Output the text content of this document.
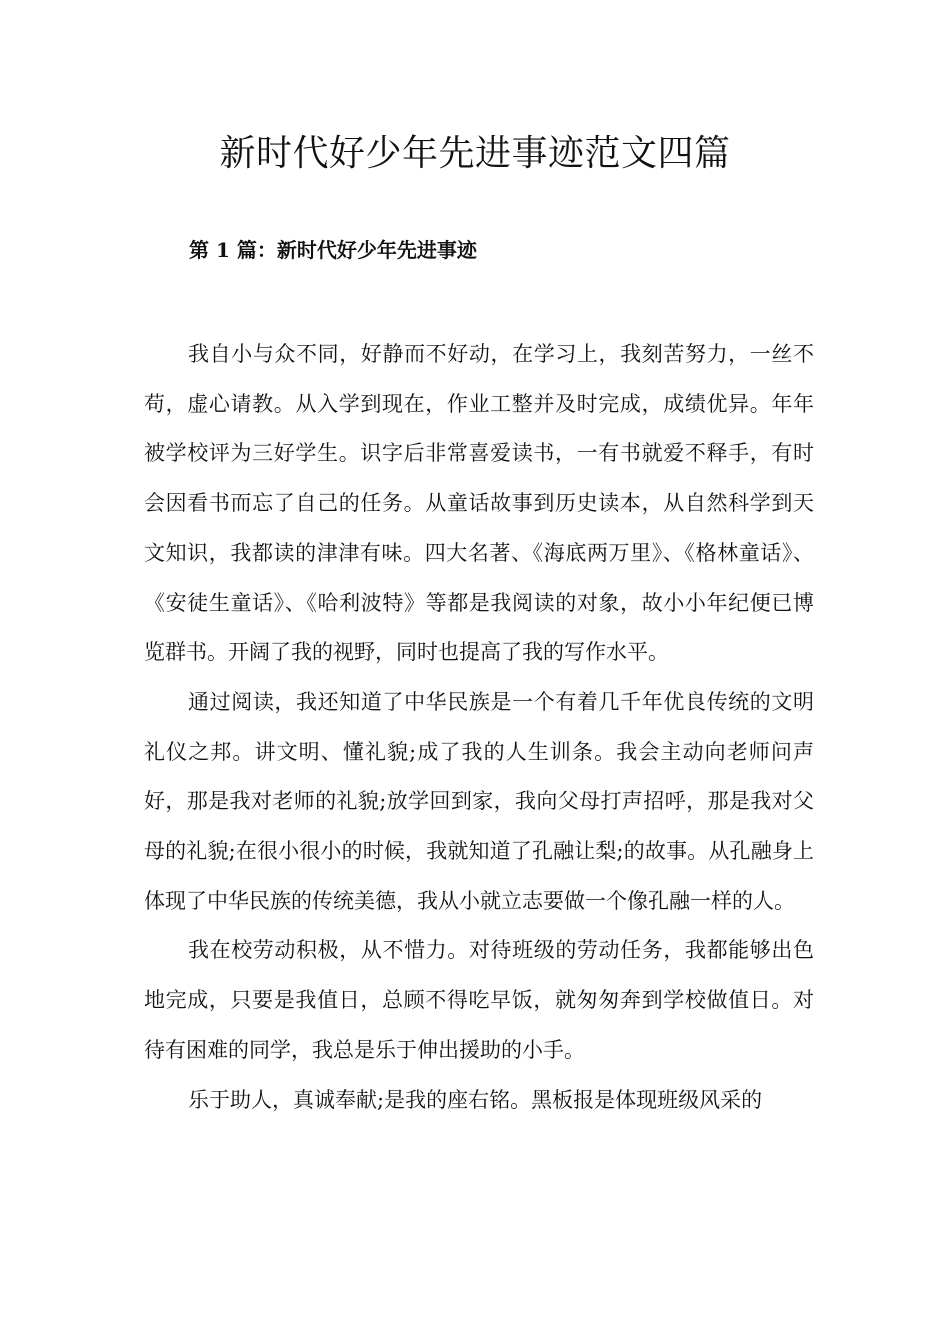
新时代好少年先进事迹范文四篇
第 1 篇：新时代好少年先进事迹

我自小与众不同，好静而不好动，在学习上，我刻苦努力，一丝不苟，虚心请教。从入学到现在，作业工整并及时完成，成绩优异。年年被学校评为三好学生。识字后非常喜爱读书，一有书就爱不释手，有时会因看书而忘了自己的任务。从童话故事到历史读本，从自然科学到天文知识，我都读的津津有味。四大名著、《海底两万里》、《格林童话》、《安徒生童话》、《哈利波特》等都是我阅读的对象，故小小年纪便已博览群书。开阔了我的视野，同时也提高了我的写作水平。

通过阅读，我还知道了中华民族是一个有着几千年优良传统的文明礼仪之邦。讲文明、懂礼貌;成了我的人生训条。我会主动向老师问声好，那是我对老师的礼貌;放学回到家，我向父母打声招呼，那是我对父母的礼貌;在很小很小的时候，我就知道了孔融让梨;的故事。从孔融身上体现了中华民族的传统美德，我从小就立志要做一个像孔融一样的人。

我在校劳动积极，从不惜力。对待班级的劳动任务，我都能够出色地完成，只要是我值日，总顾不得吃早饭，就匆匆奔到学校做值日。对待有困难的同学，我总是乐于伸出援助的小手。

乐于助人，真诚奉献;是我的座右铭。黑板报是体现班级风采的
